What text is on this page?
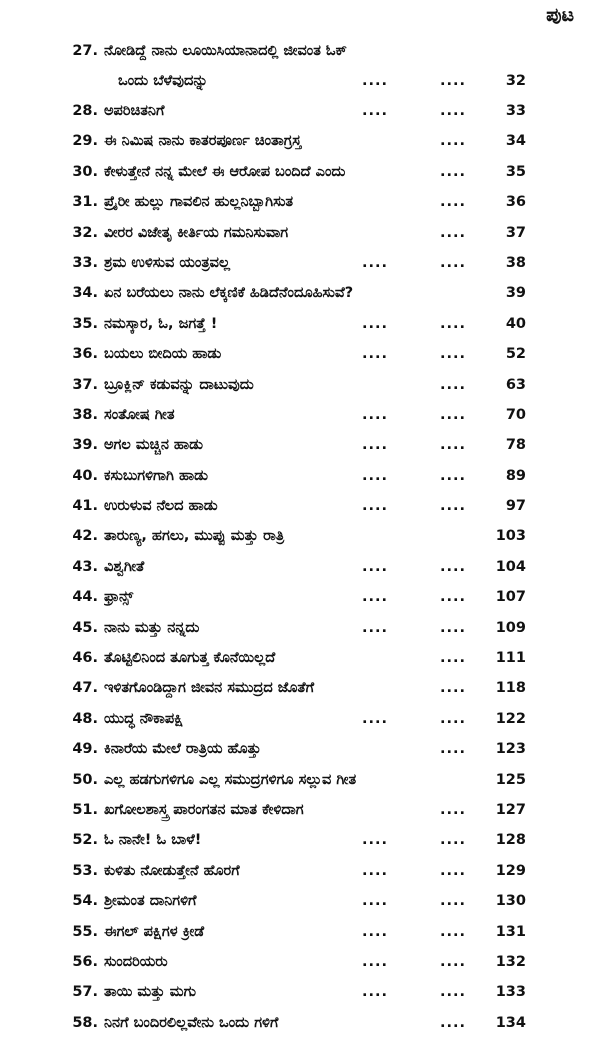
ಪುಟ
27. ನೋಡಿದ್ದೆ ನಾನು ಲೂಯಿಸಿಯಾನಾದಲ್ಲಿ ಜೀವಂತ ಓಕ್
ಒಂದು ಬೆಳೆವುದನ್ನು	....	....	32
28. ಅಪರಿಚಿತನಿಗೆ	....	....	33
29. ಈ ನಿಮಿಷ ನಾನು ಕಾತರಪೂರ್ಣ ಚಿಂತಾಗ್ರಸ್ತ	....	34
30. ಕೇಳುತ್ತೇನೆ ನನ್ನ ಮೇಲೆ ಈ ಆರೋಪ ಬಂದಿದೆ ಎಂದು	....	35
31. ಪ್ರೈರೀ ಹುಲ್ಲು ಗಾವಲಿನ ಹುಲ್ಲನಿಬ್ಬಾಗಿಸುತ	....	36
32. ವೀರರ ವಿಜೇತೃ ಕೀರ್ತಿಯ ಗಮನಿಸುವಾಗ	....	37
33. ಶ್ರಮ ಉಳಿಸುವ ಯಂತ್ರವಲ್ಲ	....	....	38
34. ಏನ ಬರೆಯಲು ನಾನು ಲೆಕ್ಕಣಿಕೆ ಹಿಡಿದೆನೆಂದೂಹಿಸುವೆ?	39
35. ನಮಸ್ಕಾರ, ಓ, ಜಗತ್ತೆ !	....	....	40
36. ಬಯಲು ಬೀದಿಯ ಹಾಡು	....	....	52
37. ಬ್ರೂಕ್ಲಿನ್ ಕಡುವನ್ನು ದಾಟುವುದು	....	63
38. ಸಂತೋಷ ಗೀತ	....	....	70
39. ಅಗಲ ಮಚ್ಚಿನ ಹಾಡು	....	....	78
40. ಕಸುಬುಗಳಿಗಾಗಿ ಹಾಡು	....	....	89
41. ಉರುಳುವ ನೆಲದ ಹಾಡು	....	....	97
42. ತಾರುಣ್ಯ, ಹಗಲು, ಮುಪ್ಪು ಮತ್ತು ರಾತ್ರಿ	103
43. ವಿಶ್ವಗೀತೆ	....	....	104
44. ಫ್ರಾನ್ಸ್	....	....	107
45. ನಾನು ಮತ್ತು ನನ್ನದು	....	....	109
46. ತೊಟ್ಟಿಲಿನಿಂದ ತೂಗುತ್ತ ಕೊನೆಯಿಲ್ಲದೆ	....	111
47. ಇಳಿತಗೊಂಡಿದ್ದಾಗ ಜೀವನ ಸಮುದ್ರದ ಜೊತೆಗೆ	....	118
48. ಯುದ್ಧ ನೌಕಾಪಕ್ಷಿ	....	....	122
49. ಕಿನಾರೆಯ ಮೇಲೆ ರಾತ್ರಿಯ ಹೊತ್ತು	....	123
50. ಎಲ್ಲ ಹಡಗುಗಳಿಗೂ ಎಲ್ಲ ಸಮುದ್ರಗಳಿಗೂ ಸಲ್ಲುವ ಗೀತ	125
51. ಖಗೋಲಶಾಸ್ತ್ರ ಪಾರಂಗತನ ಮಾತ ಕೇಳಿದಾಗ	....	127
52. ಓ ನಾನೇ! ಓ ಬಾಳೆ!	....	....	128
53. ಕುಳಿತು ನೋಡುತ್ತೇನೆ ಹೊರಗೆ	....	....	129
54. ಶ್ರೀಮಂತ ದಾನಿಗಳಿಗೆ	....	....	130
55. ಈಗಲ್ ಪಕ್ಷಿಗಳ ಕ್ರೀಡೆ	....	....	131
56. ಸುಂದರಿಯರು	....	....	132
57. ತಾಯಿ ಮತ್ತು ಮಗು	....	....	133
58. ನಿನಗೆ ಬಂದಿರಲಿಲ್ಲವೇನು ಒಂದು ಗಳಿಗೆ	....	134
